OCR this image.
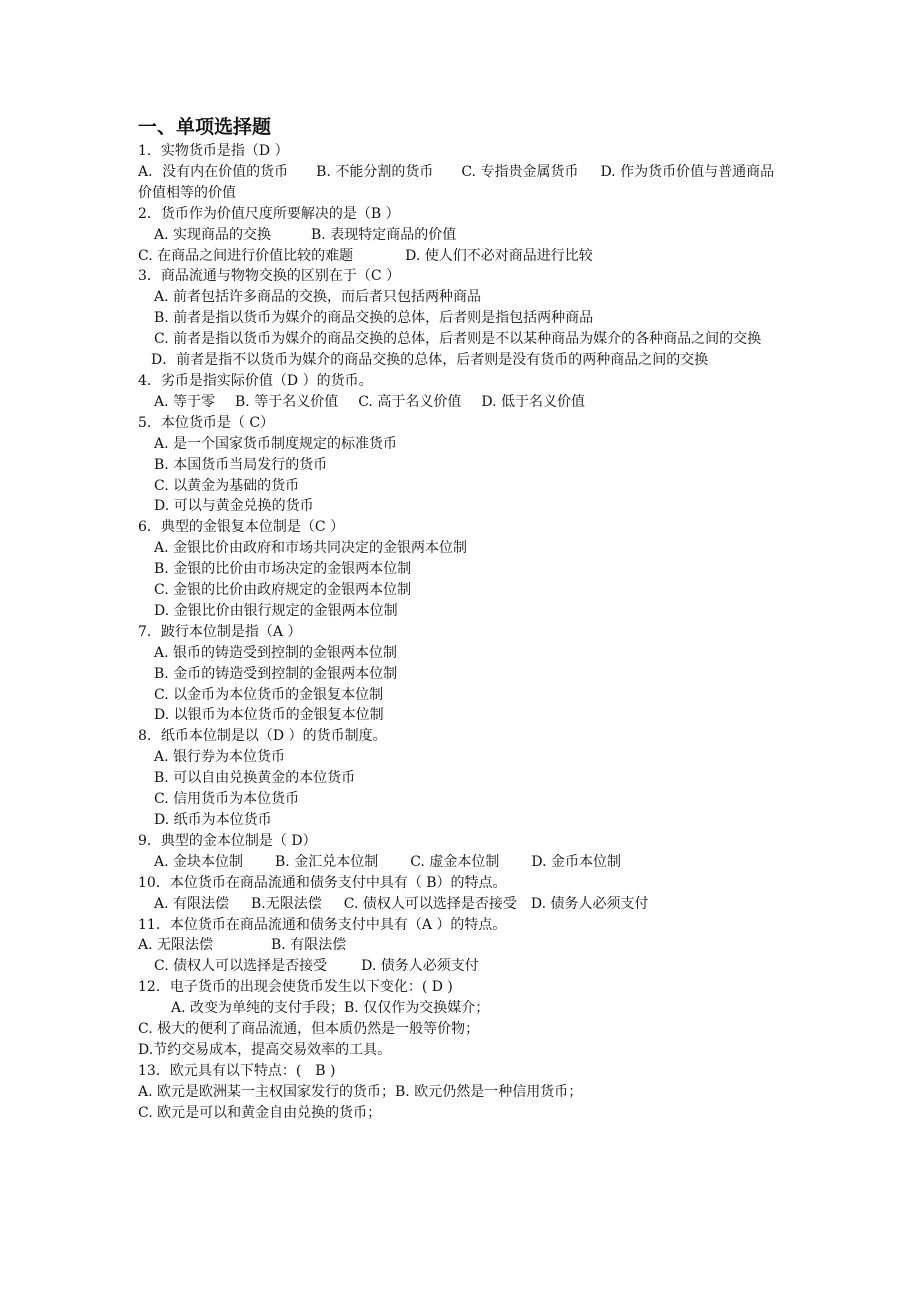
一、单项选择题
1．实物货币是指（D ）
A．没有内在价值的货币 B. 不能分割的货币 C. 专指贵金属货币 D. 作为货币价值与普通商品价值相等的价值
2．货币作为价值尺度所要解决的是（B ）
A. 实现商品的交换	B. 表现特定商品的价值
C. 在商品之间进行价值比较的难题	D. 使人们不必对商品进行比较
3．商品流通与物物交换的区别在于（C ）
A. 前者包括许多商品的交换，而后者只包括两种商品
B. 前者是指以货币为媒介的商品交换的总体，后者则是指包括两种商品
C. 前者是指以货币为媒介的商品交换的总体，后者则是不以某种商品为媒介的各种商品之间的交换
D．前者是指不以货币为媒介的商品交换的总体，后者则是没有货币的两种商品之间的交换
4．劣币是指实际价值（D ）的货币。
A. 等于零 B. 等于名义价值 C. 高于名义价值 D. 低于名义价值
5．本位货币是（ C）
A. 是一个国家货币制度规定的标准货币
B. 本国货币当局发行的货币
C. 以黄金为基础的货币
D. 可以与黄金兑换的货币
6．典型的金银复本位制是（C ）
A. 金银比价由政府和市场共同决定的金银两本位制
B. 金银的比价由市场决定的金银两本位制
C. 金银的比价由政府规定的金银两本位制
D. 金银比价由银行规定的金银两本位制
7．跛行本位制是指（A ）
A. 银币的铸造受到控制的金银两本位制
B. 金币的铸造受到控制的金银两本位制
C. 以金币为本位货币的金银复本位制
D. 以银币为本位货币的金银复本位制
8．纸币本位制是以（D ）的货币制度。
A. 银行券为本位货币
B. 可以自由兑换黄金的本位货币
C. 信用货币为本位货币
D. 纸币为本位货币
9．典型的金本位制是（ D）
A. 金块本位制 B. 金汇兑本位制 C. 虚金本位制 D. 金币本位制
10．本位货币在商品流通和债务支付中具有（ B）的特点。
A. 有限法偿 B.无限法偿 C. 债权人可以选择是否接受 D. 债务人必须支付
11．本位货币在商品流通和债务支付中具有（A ）的特点。
A. 无限法偿	B. 有限法偿
C. 债权人可以选择是否接受 D. 债务人必须支付
12．电子货币的出现会使货币发生以下变化：( D )
A. 改变为单纯的支付手段；B. 仅仅作为交换媒介；
C. 极大的便利了商品流通，但本质仍然是一般等价物；
D.节约交易成本，提高交易效率的工具。
13．欧元具有以下特点：(　B )
A. 欧元是欧洲某一主权国家发行的货币；B. 欧元仍然是一种信用货币；
C. 欧元是可以和黄金自由兑换的货币；
